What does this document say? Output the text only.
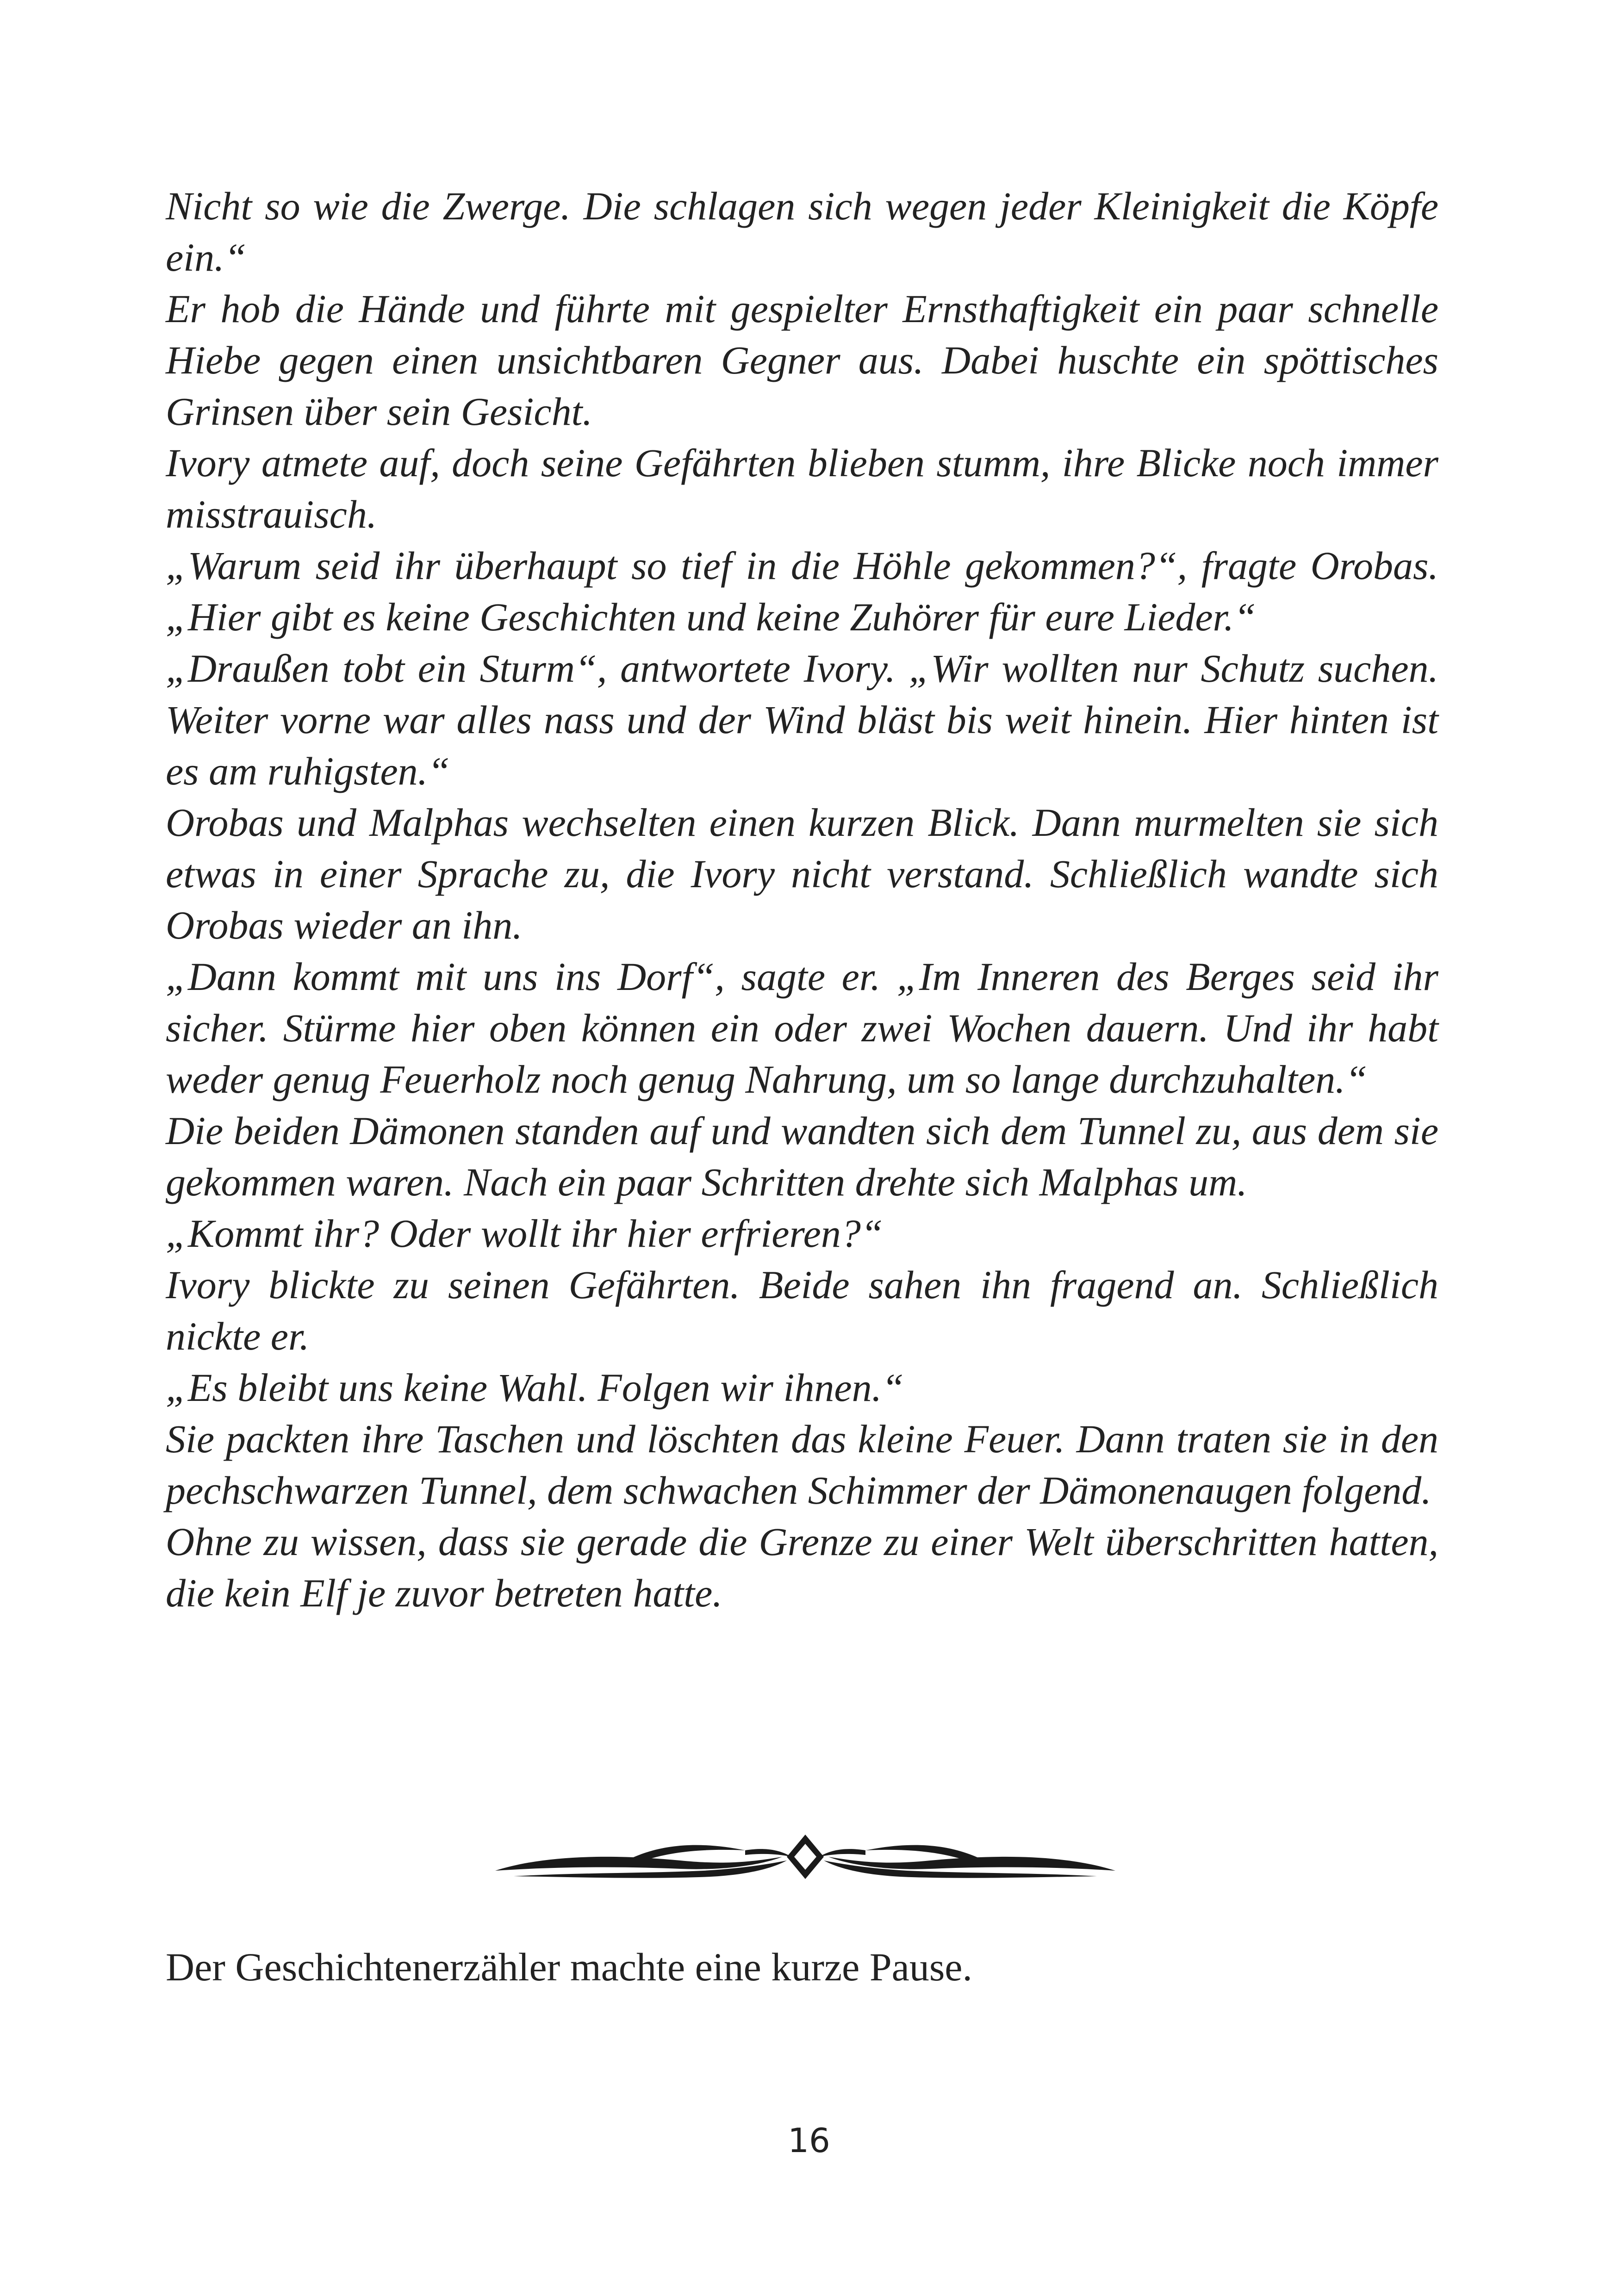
Nicht so wie die Zwerge. Die schlagen sich wegen jeder Kleinigkeit die Köpfe ein.“

Er hob die Hände und führte mit gespielter Ernsthaftigkeit ein paar schnelle Hiebe gegen einen unsichtbaren Gegner aus. Dabei huschte ein spöttisches Grinsen über sein Gesicht.

Ivory atmete auf, doch seine Gefährten blieben stumm, ihre Blicke noch immer misstrauisch.

„Warum seid ihr überhaupt so tief in die Höhle gekommen?“, fragte Orobas. „Hier gibt es keine Geschichten und keine Zuhörer für eure Lieder.“

„Draußen tobt ein Sturm“, antwortete Ivory. „Wir wollten nur Schutz suchen. Weiter vorne war alles nass und der Wind bläst bis weit hinein. Hier hinten ist es am ruhigsten.“

Orobas und Malphas wechselten einen kurzen Blick. Dann murmelten sie sich etwas in einer Sprache zu, die Ivory nicht verstand. Schließlich wandte sich Orobas wieder an ihn.

„Dann kommt mit uns ins Dorf“, sagte er. „Im Inneren des Berges seid ihr sicher. Stürme hier oben können ein oder zwei Wochen dauern. Und ihr habt weder genug Feuerholz noch genug Nahrung, um so lange durchzuhalten.“

Die beiden Dämonen standen auf und wandten sich dem Tunnel zu, aus dem sie gekommen waren. Nach ein paar Schritten drehte sich Malphas um.

„Kommt ihr? Oder wollt ihr hier erfrieren?“

Ivory blickte zu seinen Gefährten. Beide sahen ihn fragend an. Schließlich nickte er.

„Es bleibt uns keine Wahl. Folgen wir ihnen.“

Sie packten ihre Taschen und löschten das kleine Feuer. Dann traten sie in den pechschwarzen Tunnel, dem schwachen Schimmer der Dämonenaugen folgend.

Ohne zu wissen, dass sie gerade die Grenze zu einer Welt überschritten hatten, die kein Elf je zuvor betreten hatte.

Der Geschichtenerzähler machte eine kurze Pause.

16
